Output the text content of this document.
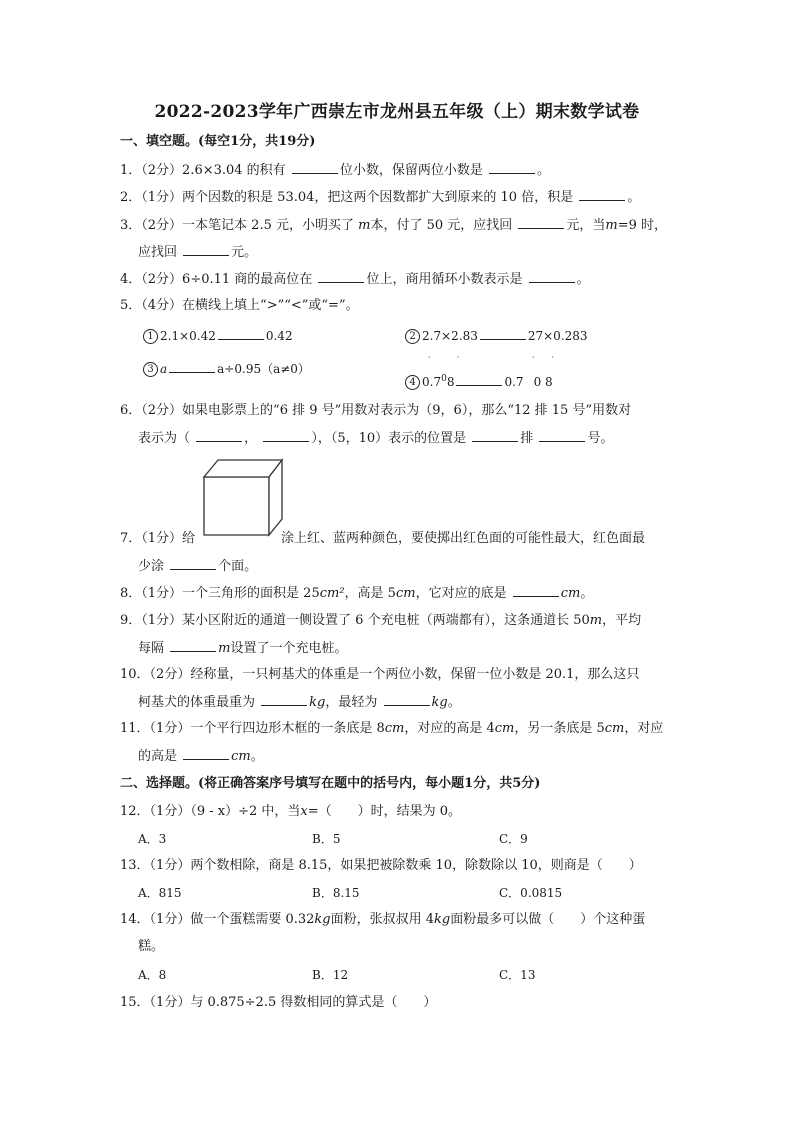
2022-2023学年广西崇左市龙州县五年级（上）期末数学试卷
一、填空题。(每空1分，共19分)
1．（2分）2.6×3.04 的积有	位小数，保留两位小数是	。
2．（1分）两个因数的积是 53.04，把这两个因数都扩大到原来的 10 倍，积是	。
3．（2分）一本笔记本 2.5 元，小明买了 m本，付了 50 元，应找回	元，当m=9 时，
应找回	元。
4．（2分）6÷0.11 商的最高位在	位上，商用循环小数表示是	。
5．（4分）在横线上填上“>”“<”或“=”。
1 2.1×0.42	0.42	2 2.7×2.83	27×0.283
3 a	a÷0.95（a≠0）
·  ·	· ·
4 $0.7^08$	0.7 0 8
6．（2分）如果电影票上的“6 排 9 号”用数对表示为（9，6），那么“12 排 15 号”用数对
表示为（	，	），（5，10）表示的位置是	排	号。
7．（1分）给	涂上红、蓝两种颜色，要使掷出红色面的可能性最大，红色面最
少涂	个面。
8．（1分）一个三角形的面积是 25cm²，高是 5cm，它对应的底是	cm。
9．（1分）某小区附近的通道一侧设置了 6 个充电桩（两端都有），这条通道长 50m，平均
每隔	m设置了一个充电桩。
10．（2分）经称量，一只柯基犬的体重是一个两位小数，保留一位小数是 20.1，那么这只
柯基犬的体重最重为	kg，最轻为	kg。
11．（1分）一个平行四边形木框的一条底是 8cm，对应的高是 4cm，另一条底是 5cm，对应
的高是	cm。
二、选择题。(将正确答案序号填写在题中的括号内，每小题1分，共5分)
12．（1分）（9 - x）÷2 中，当x=（　　）时，结果为 0。
A．3	B．5	C．9
13．（1分）两个数相除，商是 8.15，如果把被除数乘 10，除数除以 10，则商是（　　）
A．815	B．8.15	C．0.0815
14．（1分）做一个蛋糕需要 0.32kg面粉，张叔叔用 4kg面粉最多可以做（　　）个这种蛋
糕。
A．8	B．12	C．13
15．（1分）与 0.875÷2.5 得数相同的算式是（　　）
